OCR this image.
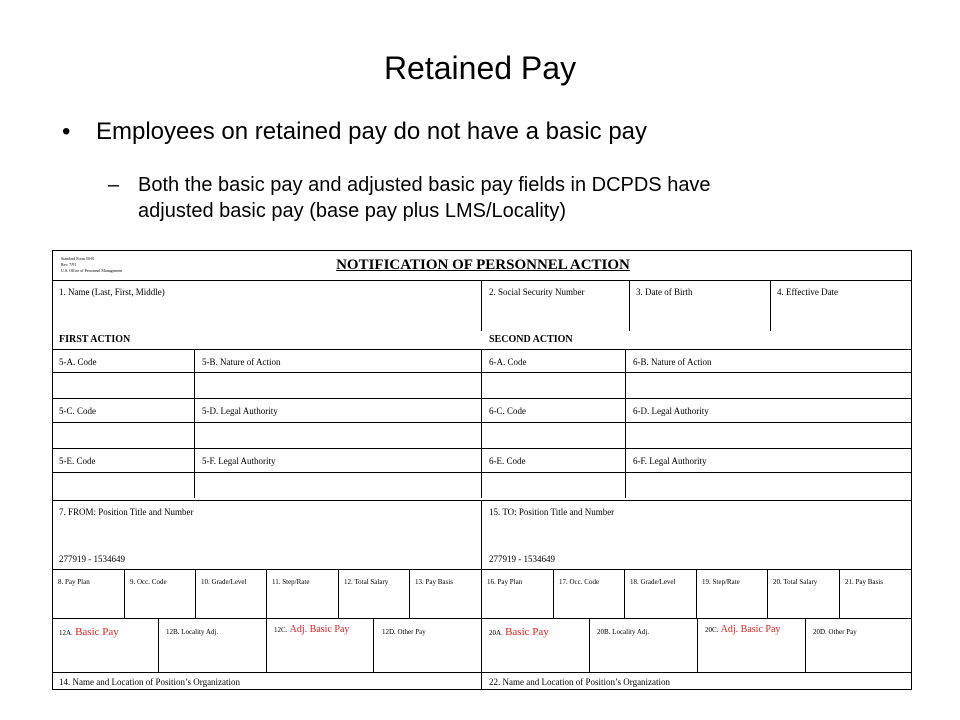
Retained Pay
• Employees on retained pay do not have a basic pay
– Both the basic pay and adjusted basic pay fields in DCPDS have

adjusted basic pay (base pay plus LMS/Locality)
Standard Form 50-B
Rev. 7/91
U.S. Office of Personnel Management	NOTIFICATION OF PERSONNEL ACTION
1. Name (Last, First, Middle)	2. Social Security Number	3. Date of Birth	4. Effective Date
FIRST ACTION	SECOND ACTION
5-A. Code	5-B. Nature of Action	6-A. Code	6-B. Nature of Action
5-C. Code	5-D. Legal Authority	6-C. Code	6-D. Legal Authority
5-E. Code	5-F. Legal Authority	6-E. Code	6-F. Legal Authority
7. FROM: Position Title and Number	15. TO: Position Title and Number
277919 - 1534649	277919 - 1534649
8. Pay Plan	9. Occ. Code	10. Grade/Level	11. Step/Rate	12. Total Salary	13. Pay Basis	16. Pay Plan	17. Occ. Code	18. Grade/Level	19. Step/Rate	20. Total Salary	21. Pay Basis
12A. Basic Pay	12B. Locality Adj.	12C. Adj. Basic Pay	12D. Other Pay	20A. Basic Pay	20B. Locality Adj.	20C. Adj. Basic Pay	20D. Other Pay
14. Name and Location of Position’s Organization	22. Name and Location of Position’s Organization
